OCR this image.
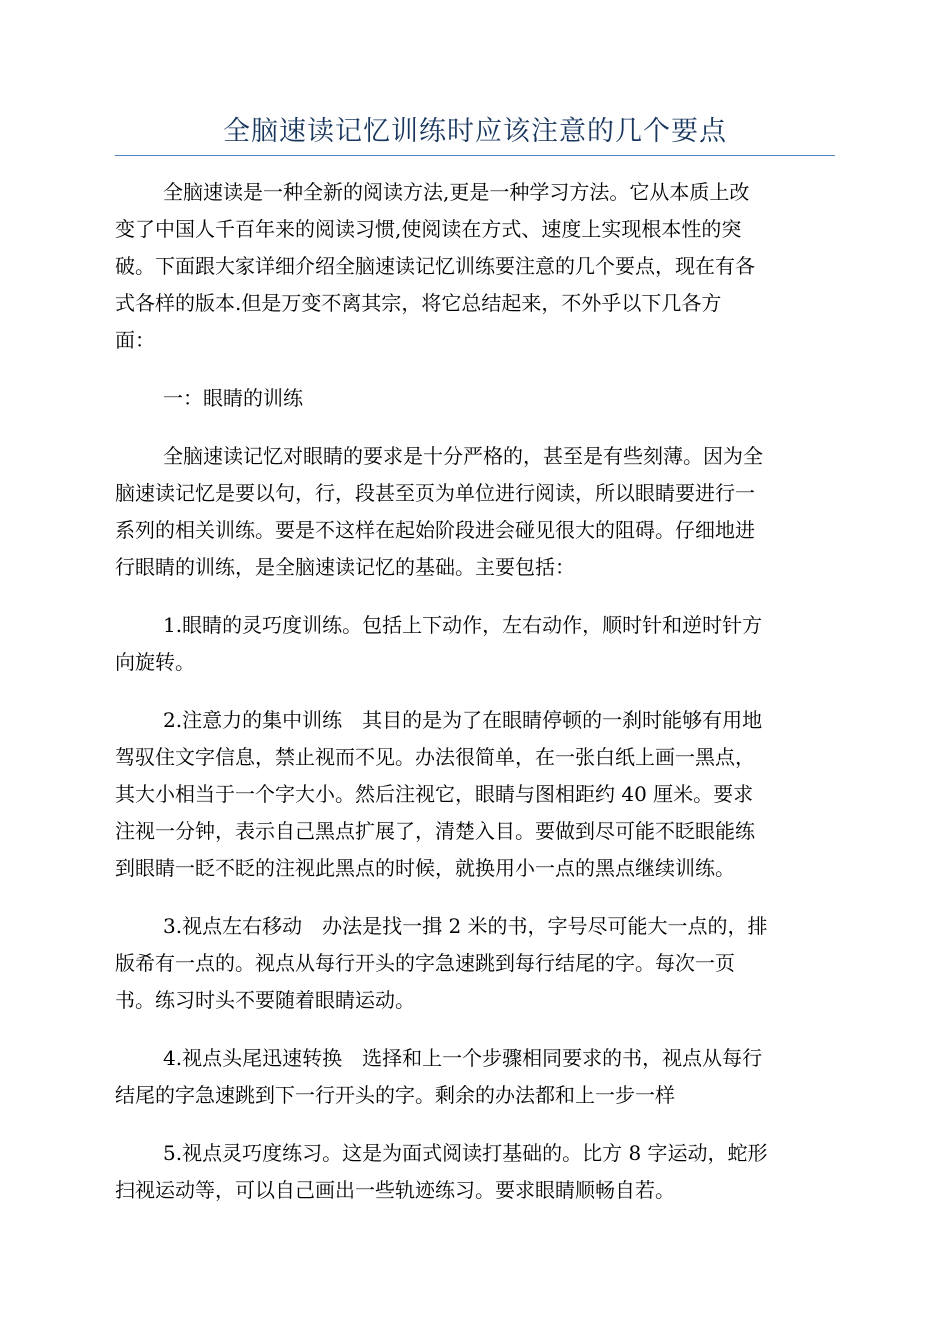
全脑速读记忆训练时应该注意的几个要点
全脑速读是一种全新的阅读方法,更是一种学习方法。它从本质上改
变了中国人千百年来的阅读习惯,使阅读在方式、速度上实现根本性的突
破。下面跟大家详细介绍全脑速读记忆训练要注意的几个要点，现在有各
式各样的版本.但是万变不离其宗，将它总结起来，不外乎以下几各方
面：
一：眼睛的训练
全脑速读记忆对眼睛的要求是十分严格的，甚至是有些刻薄。因为全
脑速读记忆是要以句，行，段甚至页为单位进行阅读，所以眼睛要进行一
系列的相关训练。要是不这样在起始阶段进会碰见很大的阻碍。仔细地进
行眼睛的训练，是全脑速读记忆的基础。主要包括：
1.眼睛的灵巧度训练。包括上下动作，左右动作，顺时针和逆时针方
向旋转。
2.注意力的集中训练　其目的是为了在眼睛停顿的一刹时能够有用地
驾驭住文字信息，禁止视而不见。办法很简单，在一张白纸上画一黑点，
其大小相当于一个字大小。然后注视它，眼睛与图相距约 40 厘米。要求
注视一分钟，表示自己黑点扩展了，清楚入目。要做到尽可能不眨眼能练
到眼睛一眨不眨的注视此黑点的时候，就换用小一点的黑点继续训练。
3.视点左右移动　办法是找一揖 2 米的书，字号尽可能大一点的，排
版希有一点的。视点从每行开头的字急速跳到每行结尾的字。每次一页
书。练习时头不要随着眼睛运动。
4.视点头尾迅速转换　选择和上一个步骤相同要求的书，视点从每行
结尾的字急速跳到下一行开头的字。剩余的办法都和上一步一样
5.视点灵巧度练习。这是为面式阅读打基础的。比方 8 字运动，蛇形
扫视运动等，可以自己画出一些轨迹练习。要求眼睛顺畅自若。
